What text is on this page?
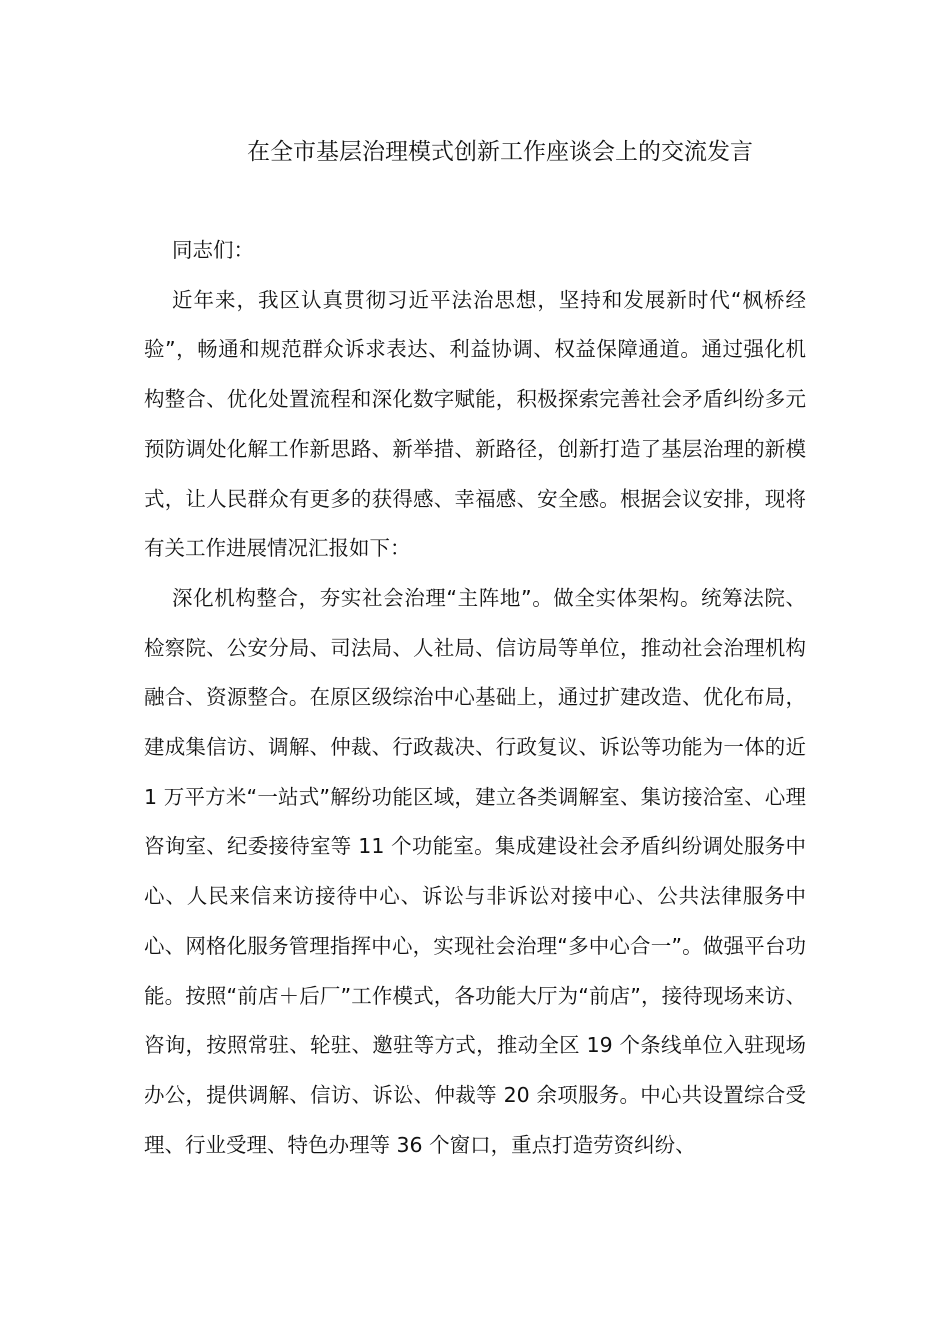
在全市基层治理模式创新工作座谈会上的交流发言

同志们：

近年来，我区认真贯彻习近平法治思想，坚持和发展新时代“枫桥经验”，畅通和规范群众诉求表达、利益协调、权益保障通道。通过强化机构整合、优化处置流程和深化数字赋能，积极探索完善社会矛盾纠纷多元预防调处化解工作新思路、新举措、新路径，创新打造了基层治理的新模式，让人民群众有更多的获得感、幸福感、安全感。根据会议安排，现将有关工作进展情况汇报如下：

深化机构整合，夯实社会治理“主阵地”。做全实体架构。统筹法院、检察院、公安分局、司法局、人社局、信访局等单位，推动社会治理机构融合、资源整合。在原区级综治中心基础上，通过扩建改造、优化布局，建成集信访、调解、仲裁、行政裁决、行政复议、诉讼等功能为一体的近 1 万平方米“一站式”解纷功能区域，建立各类调解室、集访接洽室、心理咨询室、纪委接待室等 11 个功能室。集成建设社会矛盾纠纷调处服务中心、人民来信来访接待中心、诉讼与非诉讼对接中心、公共法律服务中心、网格化服务管理指挥中心，实现社会治理“多中心合一”。做强平台功能。按照“前店＋后厂”工作模式，各功能大厅为“前店”，接待现场来访、咨询，按照常驻、轮驻、邀驻等方式，推动全区 19 个条线单位入驻现场办公，提供调解、信访、诉讼、仲裁等 20 余项服务。中心共设置综合受理、行业受理、特色办理等 36 个窗口，重点打造劳资纠纷、
